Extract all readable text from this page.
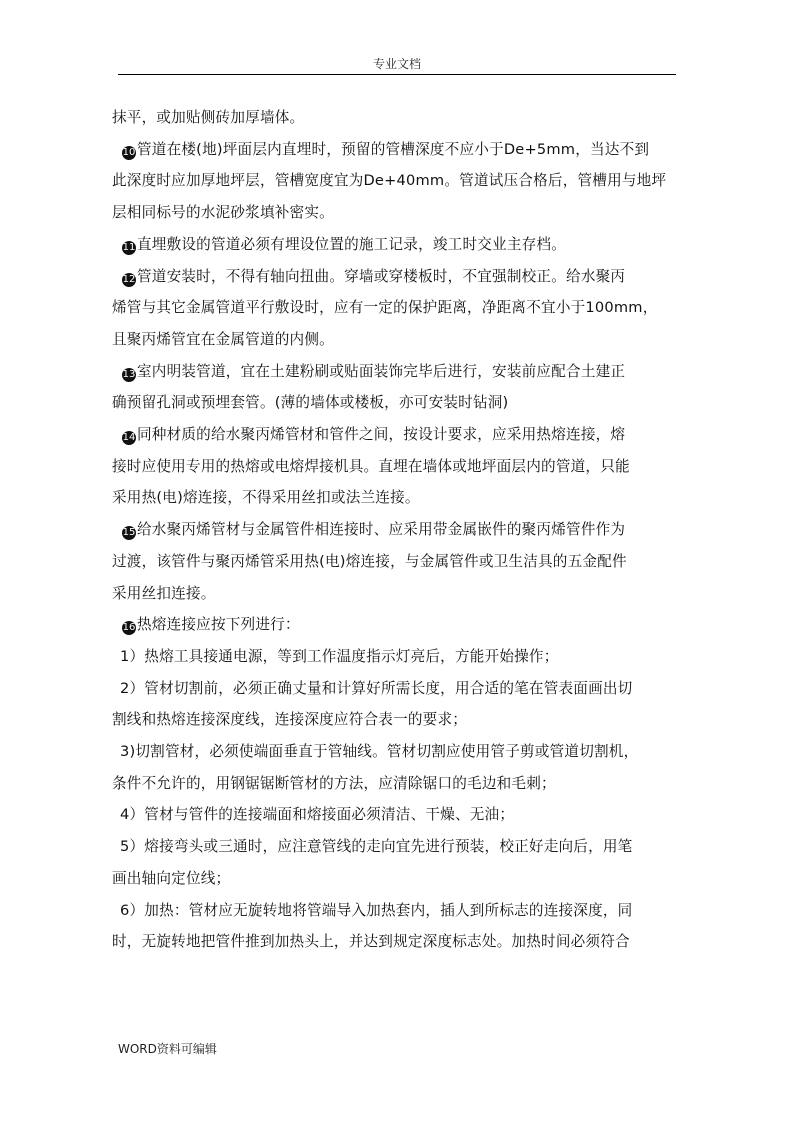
专业文档

抹平，或加贴侧砖加厚墙体。

10 管道在楼(地)坪面层内直埋时，预留的管槽深度不应小于De+5mm，当达不到

此深度时应加厚地坪层，管槽宽度宜为De+40mm。管道试压合格后，管槽用与地坪

层相同标号的水泥砂浆填补密实。

11 直埋敷设的管道必须有埋设位置的施工记录，竣工时交业主存档。

12 管道安装时，不得有轴向扭曲。穿墙或穿楼板时，不宜强制校正。给水聚丙

烯管与其它金属管道平行敷设时，应有一定的保护距离，净距离不宜小于100mm，

且聚丙烯管宜在金属管道的内侧。

13 室内明装管道，宜在土建粉刷或贴面装饰完毕后进行，安装前应配合土建正

确预留孔洞或预埋套管。(薄的墙体或楼板，亦可安装时钻洞)

14 同种材质的给水聚丙烯管材和管件之间，按设计要求，应采用热熔连接，熔

接时应使用专用的热熔或电熔焊接机具。直埋在墙体或地坪面层内的管道，只能

采用热(电)熔连接，不得采用丝扣或法兰连接。

15 给水聚丙烯管材与金属管件相连接时、应采用带金属嵌件的聚丙烯管件作为

过渡，该管件与聚丙烯管采用热(电)熔连接，与金属管件或卫生洁具的五金配件

采用丝扣连接。

16 热熔连接应按下列进行：

1）热熔工具接通电源，等到工作温度指示灯亮后，方能开始操作；

2）管材切割前，必须正确丈量和计算好所需长度，用合适的笔在管表面画出切

割线和热熔连接深度线，连接深度应符合表一的要求；

3)切割管材，必须使端面垂直于管轴线。管材切割应使用管子剪或管道切割机，

条件不允许的，用钢锯锯断管材的方法，应清除锯口的毛边和毛刺；

4）管材与管件的连接端面和熔接面必须清洁、干燥、无油；

5）熔接弯头或三通时，应注意管线的走向宜先进行预装，校正好走向后，用笔

画出轴向定位线；

6）加热：管材应无旋转地将管端导入加热套内，插人到所标志的连接深度，同

时，无旋转地把管件推到加热头上，并达到规定深度标志处。加热时间必须符合

WORD资料可编辑
